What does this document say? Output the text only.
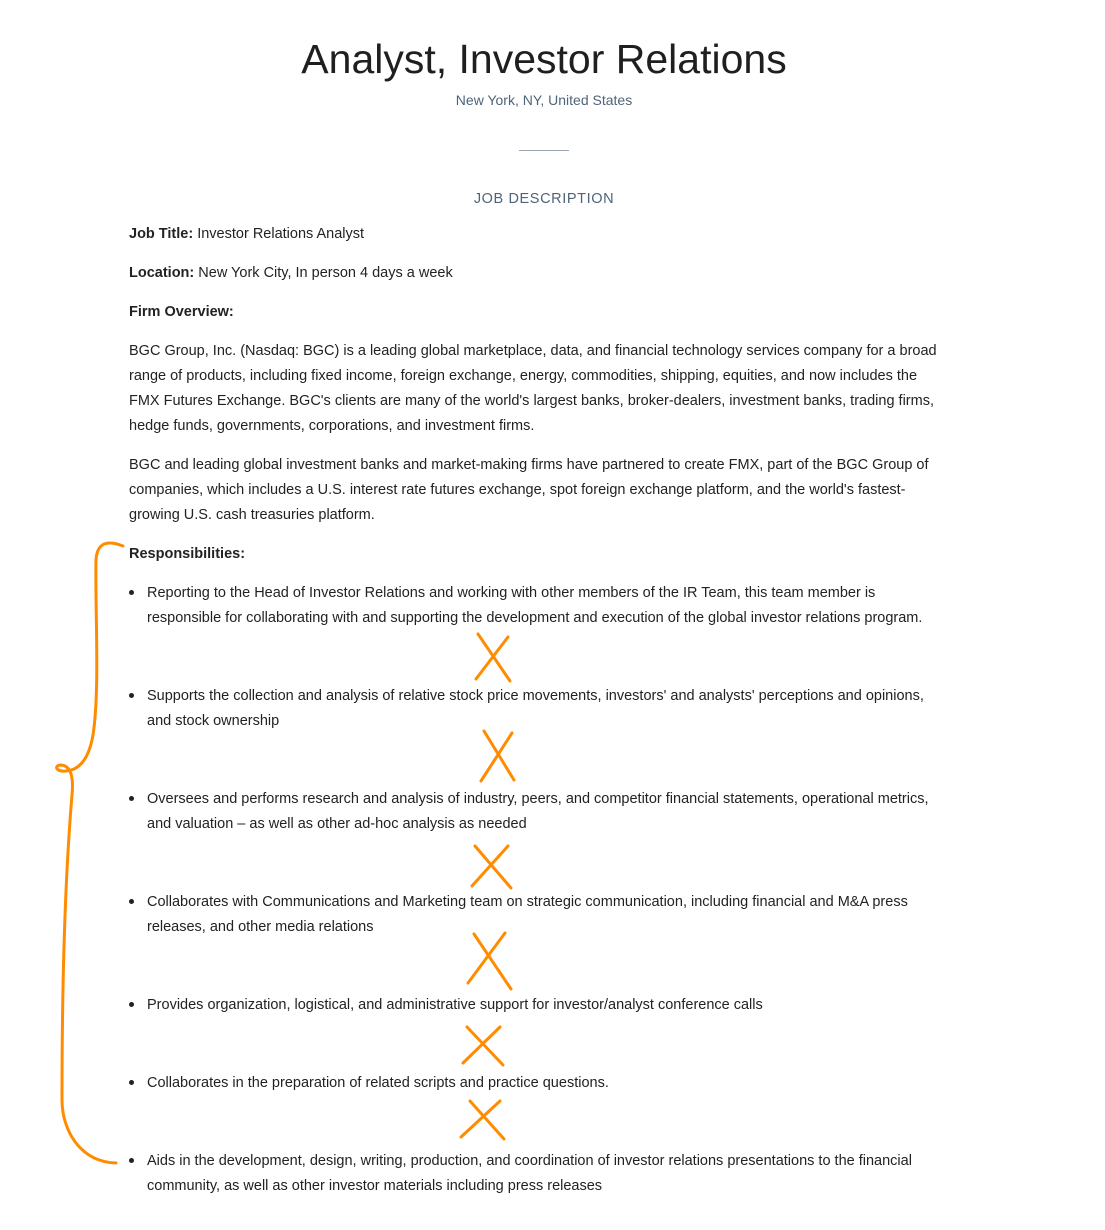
Analyst, Investor Relations
New York, NY, United States
JOB DESCRIPTION
Job Title: Investor Relations Analyst
Location: New York City, In person 4 days a week
Firm Overview:
BGC Group, Inc. (Nasdaq: BGC) is a leading global marketplace, data, and financial technology services company for a broad
range of products, including fixed income, foreign exchange, energy, commodities, shipping, equities, and now includes the
FMX Futures Exchange. BGC's clients are many of the world's largest banks, broker-dealers, investment banks, trading firms,
hedge funds, governments, corporations, and investment firms.
BGC and leading global investment banks and market-making firms have partnered to create FMX, part of the BGC Group of
companies, which includes a U.S. interest rate futures exchange, spot foreign exchange platform, and the world's fastest-
growing U.S. cash treasuries platform.
Responsibilities:
Reporting to the Head of Investor Relations and working with other members of the IR Team, this team member is
responsible for collaborating with and supporting the development and execution of the global investor relations program.
Supports the collection and analysis of relative stock price movements, investors' and analysts' perceptions and opinions,
and stock ownership
Oversees and performs research and analysis of industry, peers, and competitor financial statements, operational metrics,
and valuation – as well as other ad-hoc analysis as needed
Collaborates with Communications and Marketing team on strategic communication, including financial and M&A press
releases, and other media relations
Provides organization, logistical, and administrative support for investor/analyst conference calls
Collaborates in the preparation of related scripts and practice questions.
Aids in the development, design, writing, production, and coordination of investor relations presentations to the financial
community, as well as other investor materials including press releases
